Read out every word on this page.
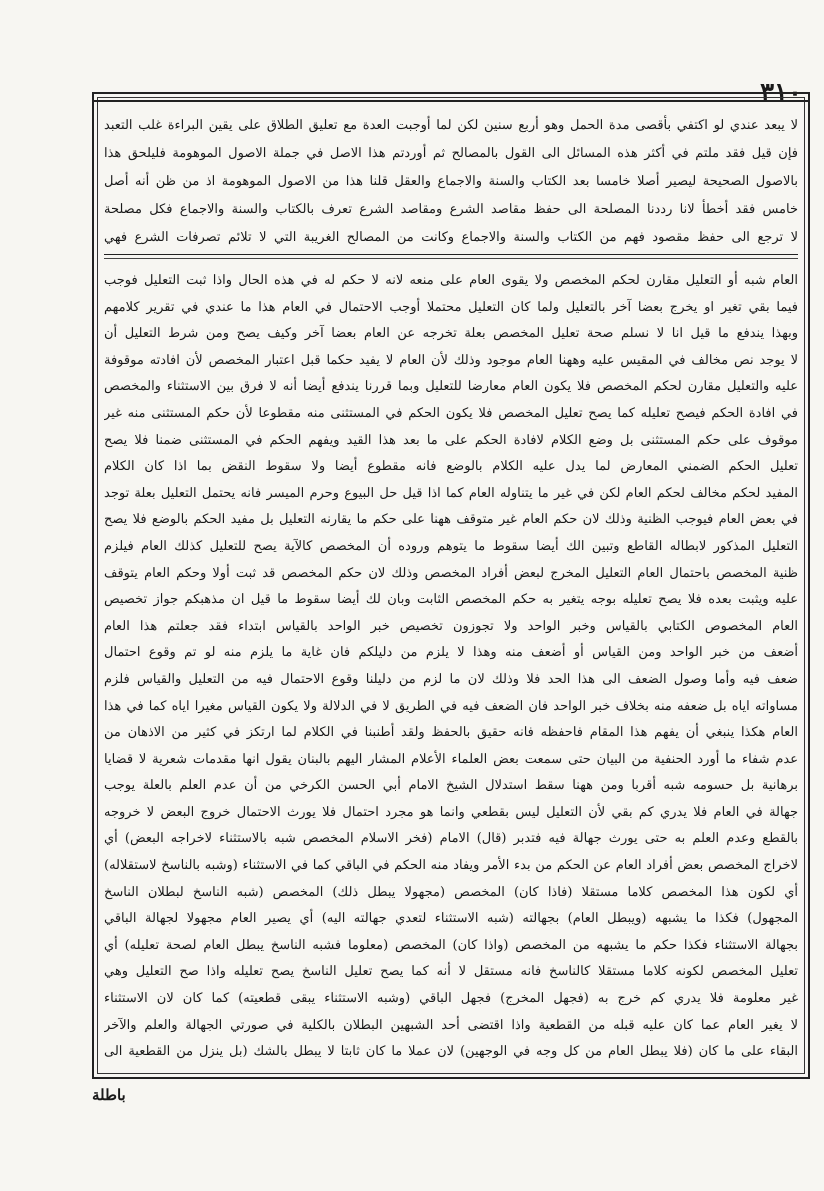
٣١٠
لا يبعد عندي لو اكتفي بأقصى مدة الحمل وهو أربع سنين لكن لما أوجبت العدة مع تعليق الطلاق على يقين البراءة غلب التعبد
فإن قيل فقد ملتم في أكثر هذه المسائل الى القول بالمصالح ثم أوردتم هذا الاصل في جملة الاصول الموهومة فليلحق هذا
بالاصول الصحيحة ليصير أصلا خامسا بعد الكتاب والسنة والاجماع والعقل قلنا هذا من الاصول الموهومة اذ من ظن أنه أصل
خامس فقد أخطأ لانا رددنا المصلحة الى حفظ مقاصد الشرع ومقاصد الشرع تعرف بالكتاب والسنة والاجماع فكل مصلحة
لا ترجع الى حفظ مقصود فهم من الكتاب والسنة والاجماع وكانت من المصالح الغريبة التي لا تلائم تصرفات الشرع فهي
العام شبه أو التعليل مقارن لحكم المخصص ولا يقوى العام على منعه لانه لا حكم له في هذه الحال واذا ثبت التعليل فوجب
فيما بقي تغير او يخرج بعضا آخر بالتعليل ولما كان التعليل محتملا أوجب الاحتمال في العام هذا ما عندي في تقرير كلامهم
وبهذا يندفع ما قيل انا لا نسلم صحة تعليل المخصص بعلة تخرجه عن العام بعضا آخر وكيف يصح ومن شرط التعليل أن
لا يوجد نص مخالف في المقيس عليه وههنا العام موجود وذلك لأن العام لا يفيد حكما قبل اعتبار المخصص لأن افادته موقوفة
عليه والتعليل مقارن لحكم المخصص فلا يكون العام معارضا للتعليل وبما قررنا يندفع أيضا أنه لا فرق بين الاستثناء والمخصص
في افادة الحكم فيصح تعليله كما يصح تعليل المخصص فلا يكون الحكم في المستثنى منه مقطوعا لأن حكم المستثنى منه غير
موقوف على حكم المستثنى بل وضع الكلام لافادة الحكم على ما بعد هذا القيد ويفهم الحكم في المستثنى ضمنا فلا يصح
تعليل الحكم الضمني المعارض لما يدل عليه الكلام بالوضع فانه مقطوع أيضا ولا سقوط النقض بما اذا كان الكلام
المفيد لحكم مخالف لحكم العام لكن في غير ما يتناوله العام كما اذا قيل حل البيوع وحرم الميسر فانه يحتمل التعليل بعلة توجد
في بعض العام فيوجب الظنية وذلك لان حكم العام غير متوقف ههنا على حكم ما يقارنه التعليل بل مفيد الحكم بالوضع فلا يصح
التعليل المذكور لابطاله القاطع وتبين الك أيضا سقوط ما يتوهم وروده أن المخصص كالآية يصح للتعليل كذلك العام فيلزم
ظنية المخصص باحتمال العام التعليل المخرج لبعض أفراد المخصص وذلك لان حكم المخصص قد ثبت أولا وحكم العام يتوقف
عليه ويثبت بعده فلا يصح تعليله بوجه يتغير به حكم المخصص الثابت وبان لك أيضا سقوط ما قيل ان مذهبكم جواز تخصيص
العام المخصوص الكتابي بالقياس وخبر الواحد ولا تجوزون تخصيص خبر الواحد بالقياس ابتداء فقد جعلتم هذا العام
أضعف من خبر الواحد ومن القياس أو أضعف منه وهذا لا يلزم من دليلكم فان غاية ما يلزم منه لو تم وقوع احتمال
ضعف فيه وأما وصول الضعف الى هذا الحد فلا وذلك لان ما لزم من دليلنا وقوع الاحتمال فيه من التعليل والقياس فلزم
مساواته اياه بل ضعفه منه بخلاف خبر الواحد فان الضعف فيه في الطريق لا في الدلالة ولا يكون القياس مغيرا اياه كما في هذا
العام هكذا ينبغي أن يفهم هذا المقام فاحفظه فانه حقيق بالحفظ ولقد أطنبنا في الكلام لما ارتكز في كثير من الاذهان من
عدم شفاء ما أورد الحنفية من البيان حتى سمعت بعض العلماء الأعلام المشار اليهم بالبنان يقول انها مقدمات شعرية لا قضايا
برهانية بل حسومه شبه أقربا ومن ههنا سقط استدلال الشيخ الامام أبي الحسن الكرخي من أن عدم العلم بالعلة يوجب
جهالة في العام فلا يدري كم بقي لأن التعليل ليس بقطعي وانما هو مجرد احتمال فلا يورث الاحتمال خروج البعض لا خروجه
بالقطع وعدم العلم به حتى يورث جهالة فيه فتدبر (قال) الامام (فخر الاسلام المخصص شبه بالاستثناء لاخراجه البعض) أي
لاخراج المخصص بعض أفراد العام عن الحكم من بدء الأمر ويفاد منه الحكم في الباقي كما في الاستثناء (وشبه بالناسخ لاستقلاله)
أي لكون هذا المخصص كلاما مستقلا (فاذا كان) المخصص (مجهولا يبطل ذلك) المخصص (شبه الناسخ لبطلان الناسخ
المجهول) فكذا ما يشبهه (ويبطل العام) بجهالته (شبه الاستثناء لتعدي جهالته اليه) أي يصير العام مجهولا لجهالة الباقي
بجهالة الاستثناء فكذا حكم ما يشبهه من المخصص (واذا كان) المخصص (معلوما فشبه الناسخ يبطل العام لصحة تعليله) أي
تعليل المخصص لكونه كلاما مستقلا كالناسخ فانه مستقل لا أنه كما يصح تعليل الناسخ يصح تعليله واذا صح التعليل وهي
غير معلومة فلا يدري كم خرج به (فجهل المخرج) فجهل الباقي (وشبه الاستثناء يبقى قطعيته) كما كان لان الاستثناء
لا يغير العام عما كان عليه قبله من القطعية واذا اقتضى أحد الشبهين البطلان بالكلية في صورتي الجهالة والعلم والآخر
البقاء على ما كان (فلا يبطل العام من كل وجه في الوجهين) لان عملا ما كان ثابتا لا يبطل بالشك (بل ينزل من القطعية الى
باطلة
